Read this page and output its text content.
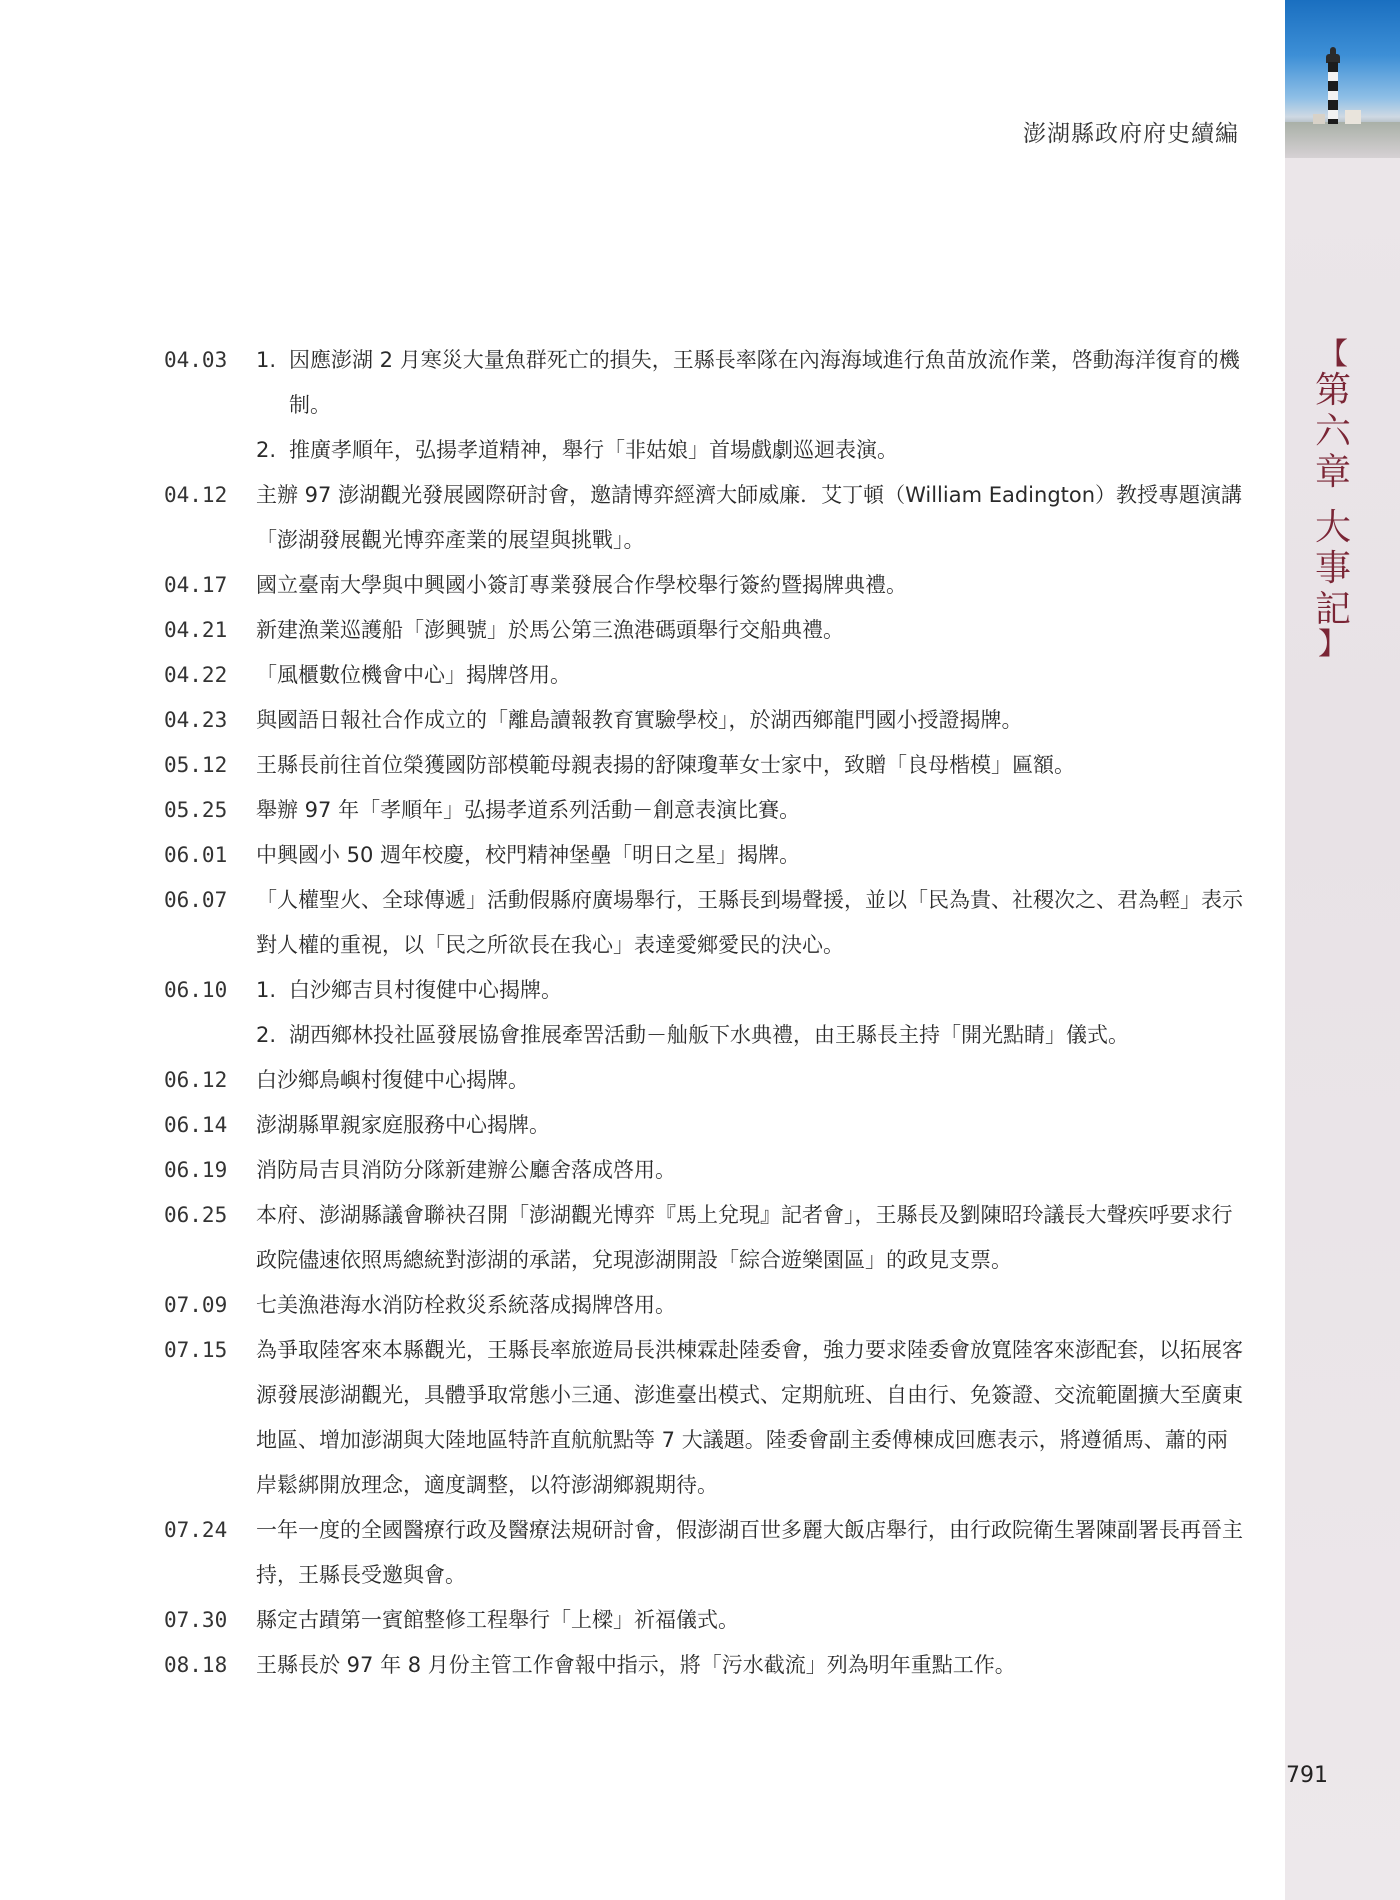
【
第
六
章
大
事
記
】
澎湖縣政府府史續編
04.03	1. 因應澎湖 2 月寒災大量魚群死亡的損失，王縣長率隊在內海海域進行魚苗放流作業，啓動海洋復育的機制。

2. 推廣孝順年，弘揚孝道精神，舉行「非姑娘」首場戲劇巡迴表演。

04.12	主辦 97 澎湖觀光發展國際研討會，邀請博弈經濟大師威廉．艾丁頓（William Eadington）教授專題演講「澎湖發展觀光博弈產業的展望與挑戰」。

04.17	國立臺南大學與中興國小簽訂專業發展合作學校舉行簽約暨揭牌典禮。

04.21	新建漁業巡護船「澎興號」於馬公第三漁港碼頭舉行交船典禮。

04.22	「風櫃數位機會中心」揭牌啓用。

04.23	與國語日報社合作成立的「離島讀報教育實驗學校」，於湖西鄉龍門國小授證揭牌。

05.12	王縣長前往首位榮獲國防部模範母親表揚的舒陳瓊華女士家中，致贈「良母楷模」匾額。

05.25	舉辦 97 年「孝順年」弘揚孝道系列活動－創意表演比賽。

06.01	中興國小 50 週年校慶，校門精神堡壘「明日之星」揭牌。

06.07	「人權聖火、全球傳遞」活動假縣府廣場舉行，王縣長到場聲援，並以「民為貴、社稷次之、君為輕」表示對人權的重視，以「民之所欲長在我心」表達愛鄉愛民的決心。

06.10	1. 白沙鄉吉貝村復健中心揭牌。

2. 湖西鄉林投社區發展協會推展牽罟活動－舢舨下水典禮，由王縣長主持「開光點睛」儀式。

06.12	白沙鄉鳥嶼村復健中心揭牌。

06.14	澎湖縣單親家庭服務中心揭牌。

06.19	消防局吉貝消防分隊新建辦公廳舍落成啓用。

06.25	本府、澎湖縣議會聯袂召開「澎湖觀光博弈『馬上兌現』記者會」，王縣長及劉陳昭玲議長大聲疾呼要求行政院儘速依照馬總統對澎湖的承諾，兌現澎湖開設「綜合遊樂園區」的政見支票。

07.09	七美漁港海水消防栓救災系統落成揭牌啓用。

07.15	為爭取陸客來本縣觀光，王縣長率旅遊局長洪棟霖赴陸委會，強力要求陸委會放寬陸客來澎配套，以拓展客源發展澎湖觀光，具體爭取常態小三通、澎進臺出模式、定期航班、自由行、免簽證、交流範圍擴大至廣東地區、增加澎湖與大陸地區特許直航航點等 7 大議題。陸委會副主委傅棟成回應表示，將遵循馬、蕭的兩岸鬆綁開放理念，適度調整，以符澎湖鄉親期待。

07.24	一年一度的全國醫療行政及醫療法規研討會，假澎湖百世多麗大飯店舉行，由行政院衛生署陳副署長再晉主持，王縣長受邀與會。

07.30	縣定古蹟第一賓館整修工程舉行「上樑」祈福儀式。

08.18	王縣長於 97 年 8 月份主管工作會報中指示，將「污水截流」列為明年重點工作。

791
